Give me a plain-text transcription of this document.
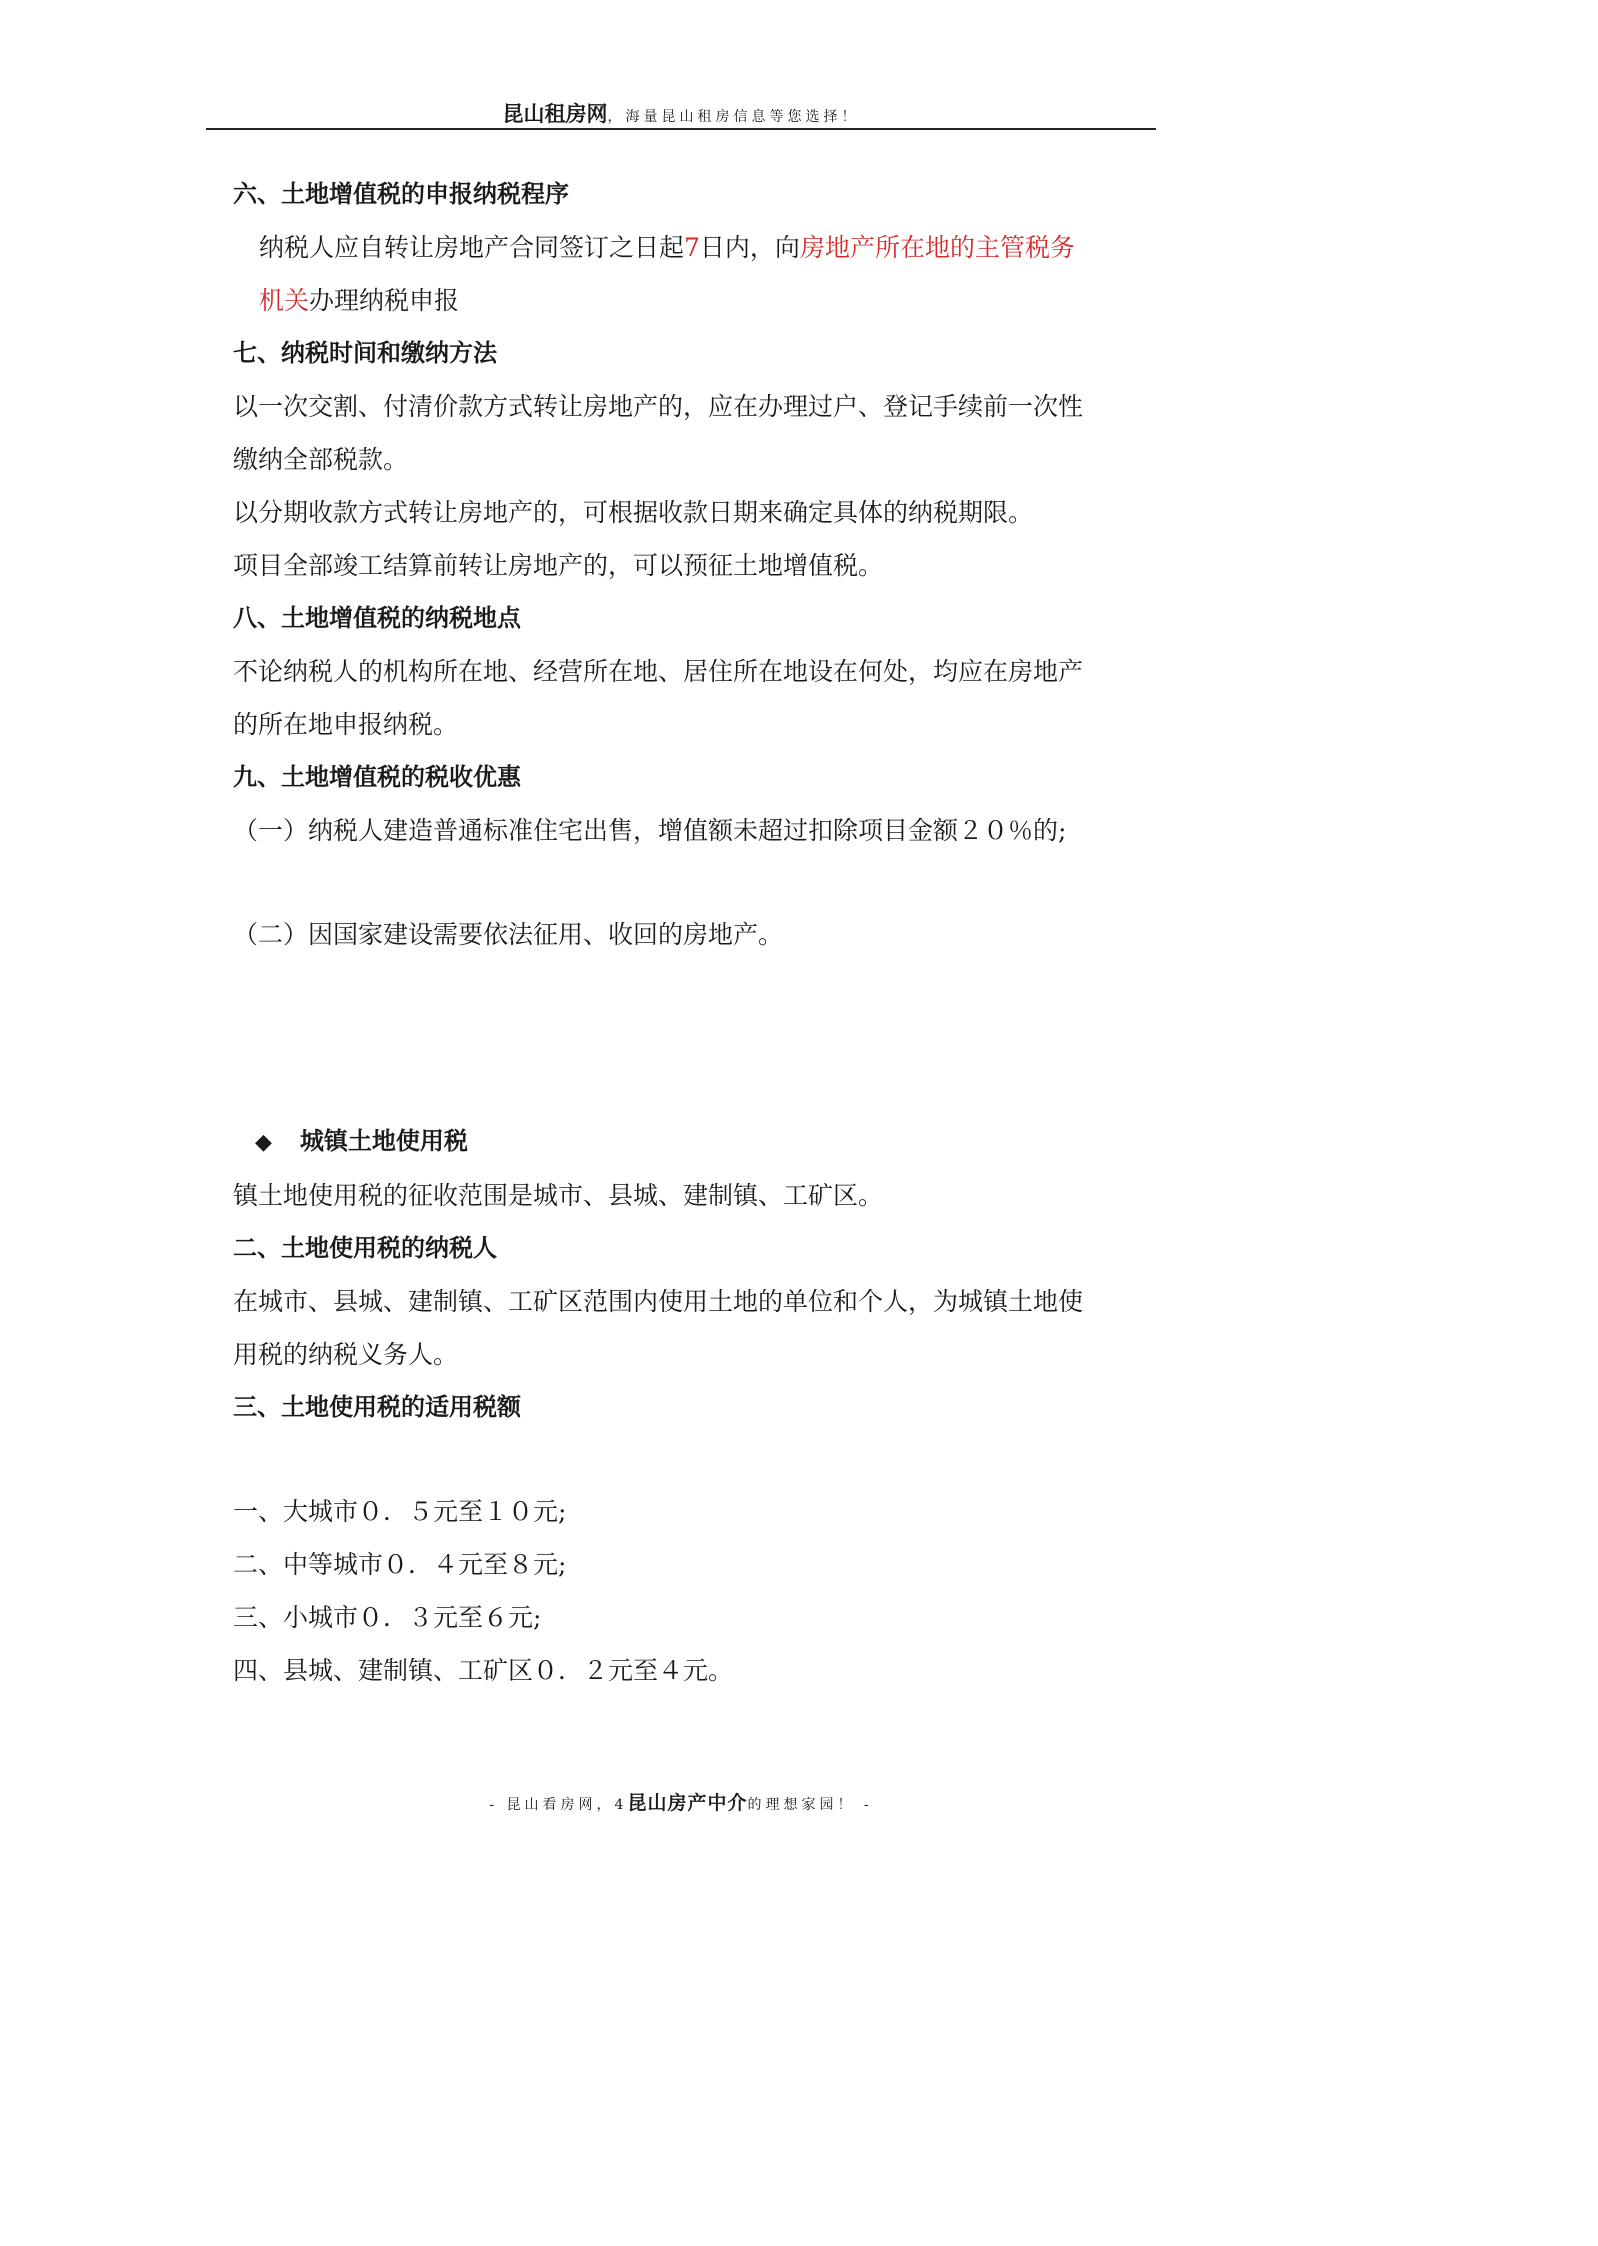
昆山租房网，海量昆山租房信息等您选择！
六、土地增值税的申报纳税程序
纳税人应自转让房地产合同签订之日起7日内，向房地产所在地的主管税务
机关办理纳税申报
七、纳税时间和缴纳方法
以一次交割、付清价款方式转让房地产的，应在办理过户、登记手续前一次性
缴纳全部税款。
以分期收款方式转让房地产的，可根据收款日期来确定具体的纳税期限。
项目全部竣工结算前转让房地产的，可以预征土地增值税。
八、土地增值税的纳税地点
不论纳税人的机构所在地、经营所在地、居住所在地设在何处，均应在房地产
的所在地申报纳税。
九、土地增值税的税收优惠
（一）纳税人建造普通标准住宅出售，增值额未超过扣除项目金额２０％的;
（二）因国家建设需要依法征用、收回的房地产。
◆ 城镇土地使用税
镇土地使用税的征收范围是城市、县城、建制镇、工矿区。
二、土地使用税的纳税人
在城市、县城、建制镇、工矿区范围内使用土地的单位和个人，为城镇土地使
用税的纳税义务人。
三、土地使用税的适用税额
一、大城市０．５元至１０元;
二、中等城市０．４元至８元;
三、小城市０．３元至６元;
四、县城、建制镇、工矿区０．２元至４元。
- 昆山看房网，4昆山房产中介的理想家园！ -
